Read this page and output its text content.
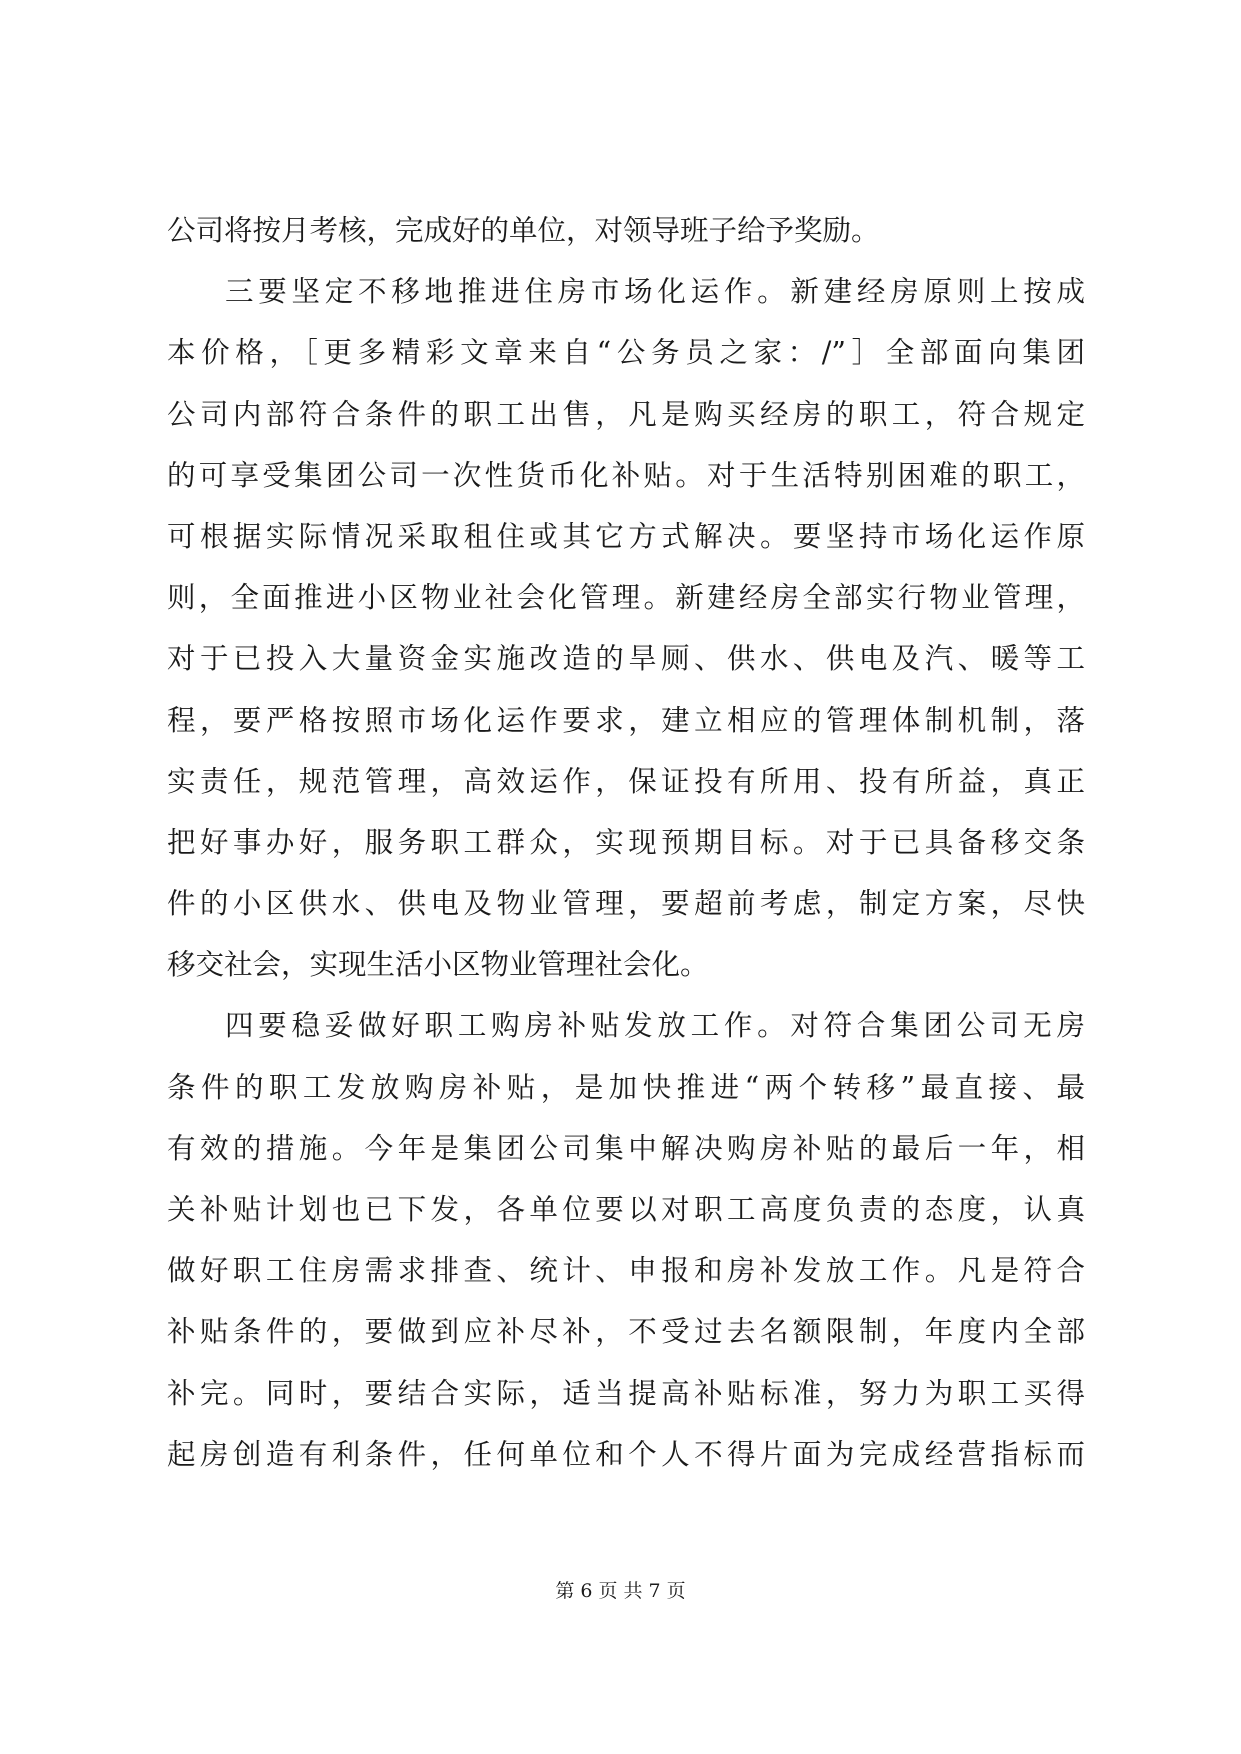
公司将按月考核，完成好的单位，对领导班子给予奖励。
三要坚定不移地推进住房市场化运作。新建经房原则上按成
本价格，［更多精彩文章来自“公务员之家：/”］全部面向集团
公司内部符合条件的职工出售，凡是购买经房的职工，符合规定
的可享受集团公司一次性货币化补贴。对于生活特别困难的职工，
可根据实际情况采取租住或其它方式解决。要坚持市场化运作原
则，全面推进小区物业社会化管理。新建经房全部实行物业管理，
对于已投入大量资金实施改造的旱厕、供水、供电及汽、暖等工
程，要严格按照市场化运作要求，建立相应的管理体制机制，落
实责任，规范管理，高效运作，保证投有所用、投有所益，真正
把好事办好，服务职工群众，实现预期目标。对于已具备移交条
件的小区供水、供电及物业管理，要超前考虑，制定方案，尽快
移交社会，实现生活小区物业管理社会化。
四要稳妥做好职工购房补贴发放工作。对符合集团公司无房
条件的职工发放购房补贴，是加快推进“两个转移”最直接、最
有效的措施。今年是集团公司集中解决购房补贴的最后一年，相
关补贴计划也已下发，各单位要以对职工高度负责的态度，认真
做好职工住房需求排查、统计、申报和房补发放工作。凡是符合
补贴条件的，要做到应补尽补，不受过去名额限制，年度内全部
补完。同时，要结合实际，适当提高补贴标准，努力为职工买得
起房创造有利条件，任何单位和个人不得片面为完成经营指标而
第 6 页 共 7 页
